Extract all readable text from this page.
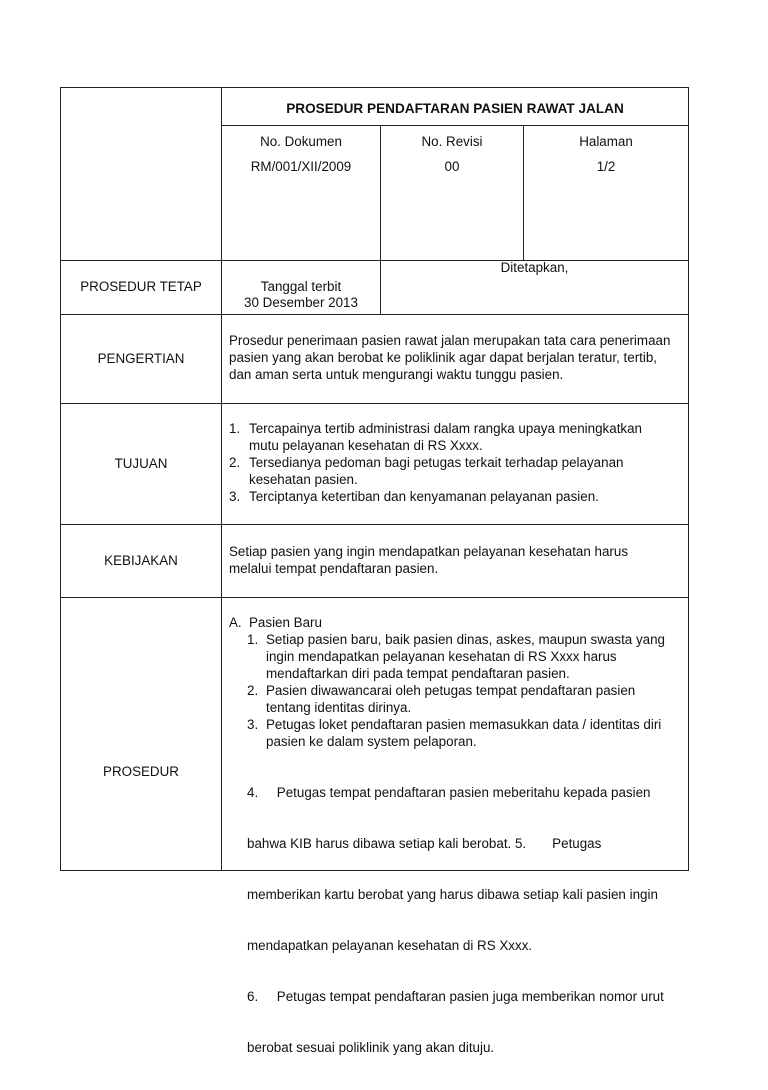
PROSEDUR PENDAFTARAN PASIEN RAWAT JALAN
No. Dokumen
RM/001/XII/2009
No. Revisi
00
Halaman
1/2
PROSEDUR TETAP	Tanggal terbit
30 Desember 2013
Ditetapkan,
PENGERTIAN
Prosedur penerimaan pasien rawat jalan merupakan tata cara penerimaan
pasien yang akan berobat ke poliklinik agar dapat berjalan teratur, tertib,
dan aman serta untuk mengurangi waktu tunggu pasien.
TUJUAN
1. Tercapainya tertib administrasi dalam rangka upaya meningkatkan
mutu pelayanan kesehatan di RS Xxxx.
2. Tersedianya pedoman bagi petugas terkait terhadap pelayanan
kesehatan pasien.
3. Terciptanya ketertiban dan kenyamanan pelayanan pasien.
KEBIJAKAN
Setiap pasien yang ingin mendapatkan pelayanan kesehatan harus
melalui tempat pendaftaran pasien.
PROSEDUR
A. Pasien Baru
1. Setiap pasien baru, baik pasien dinas, askes, maupun swasta yang
ingin mendapatkan pelayanan kesehatan di RS Xxxx harus
mendaftarkan diri pada tempat pendaftaran pasien.
2. Pasien diwawancarai oleh petugas tempat pendaftaran pasien
tentang identitas dirinya.
3. Petugas loket pendaftaran pasien memasukkan data / identitas diri
pasien ke dalam system pelaporan.

4.     Petugas tempat pendaftaran pasien meberitahu kepada pasien

bahwa KIB harus dibawa setiap kali berobat. 5.       Petugas

memberikan kartu berobat yang harus dibawa setiap kali pasien ingin

mendapatkan pelayanan kesehatan di RS Xxxx.

6.     Petugas tempat pendaftaran pasien juga memberikan nomor urut

berobat sesuai poliklinik yang akan dituju.
